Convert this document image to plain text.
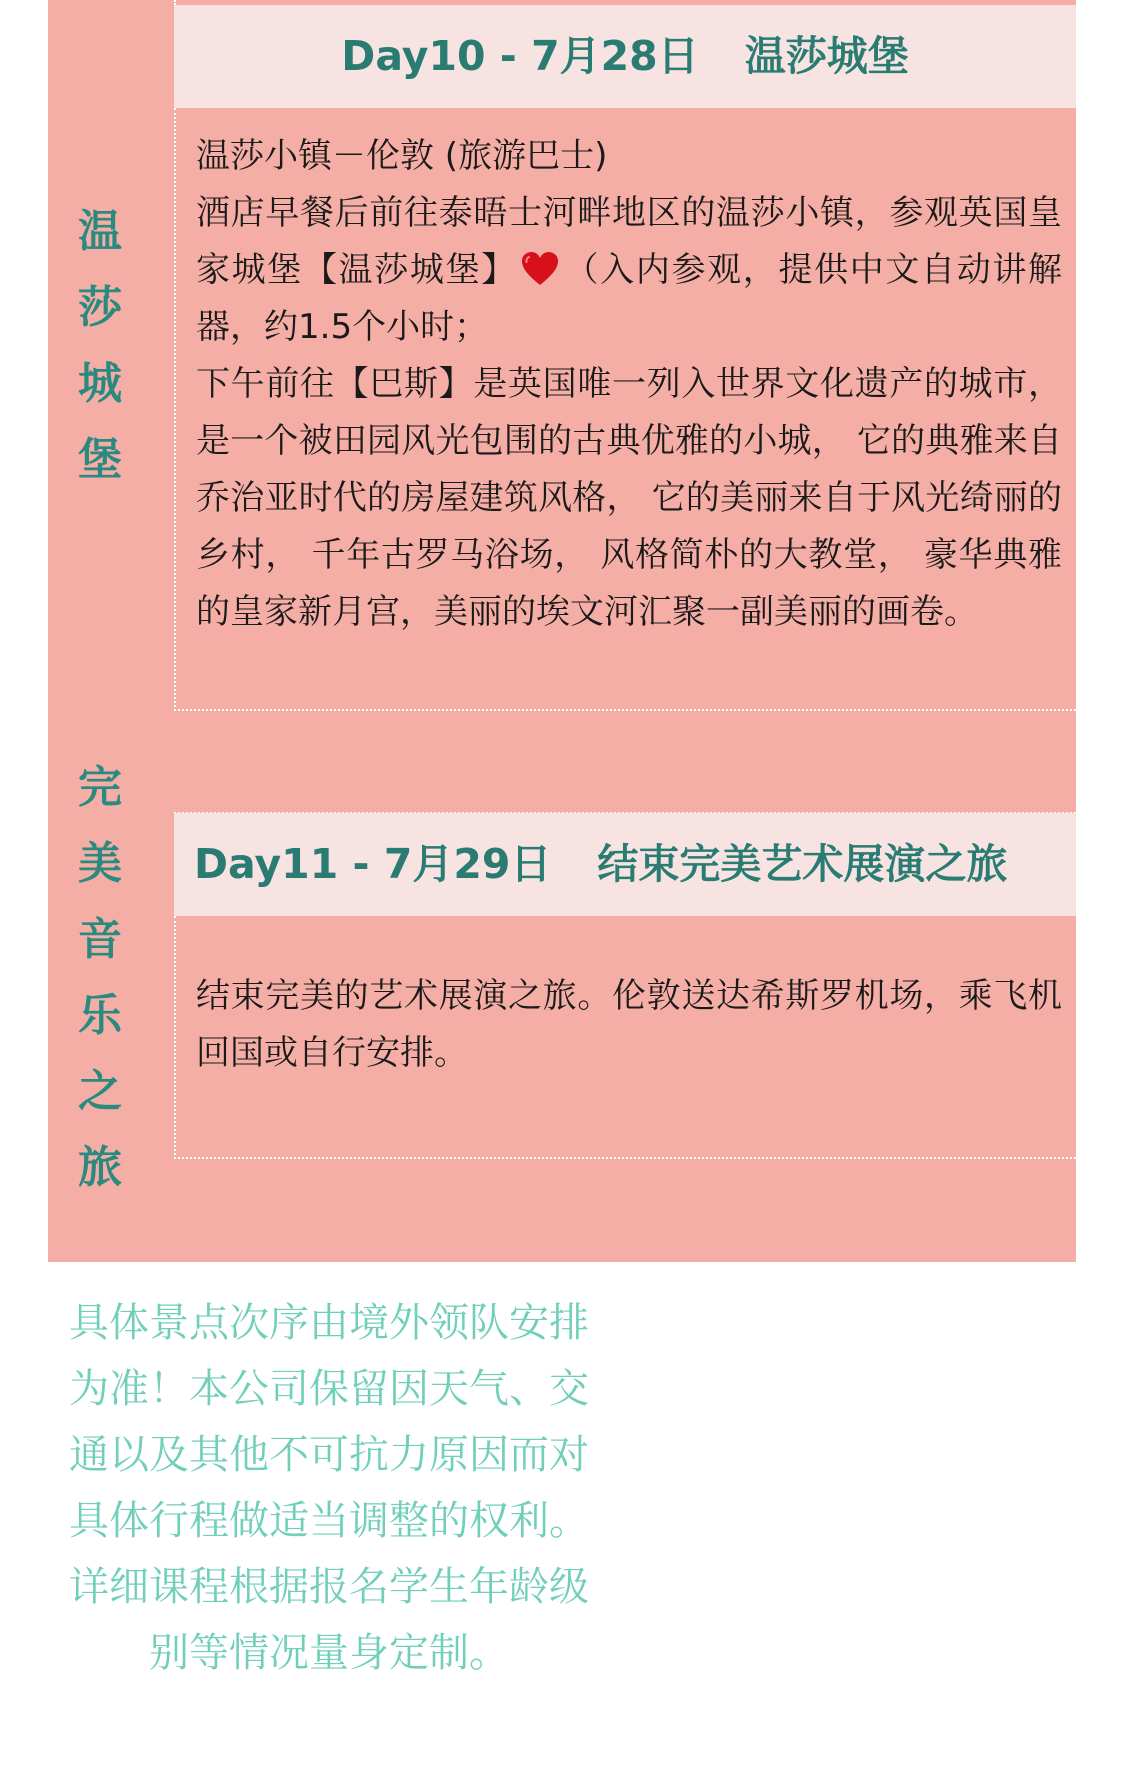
温
莎
城
堡
完
美
音
乐
之
旅
Day10 - 7月28日 温莎城堡
温莎小镇－伦敦 (旅游巴士)
酒店早餐后前往泰晤士河畔地区的温莎小镇，参观英国皇家城堡【温莎城堡】 （入内参观，提供中文自动讲解器，约1.5个小时；
下午前往【巴斯】是英国唯一列入世界文化遗产的城市， 是一个被田园风光包围的古典优雅的小城， 它的典雅来自乔治亚时代的房屋建筑风格， 它的美丽来自于风光绮丽的乡村， 千年古罗马浴场， 风格简朴的大教堂， 豪华典雅的皇家新月宫，美丽的埃文河汇聚一副美丽的画卷。
Day11 - 7月29日 结束完美艺术展演之旅
结束完美的艺术展演之旅。伦敦送达希斯罗机场，乘飞机回国或自行安排。
具体景点次序由境外领队安排为准！本公司保留因天气、交通以及其他不可抗力原因而对具体行程做适当调整的权利。详细课程根据报名学生年龄级别等情况量身定制。
